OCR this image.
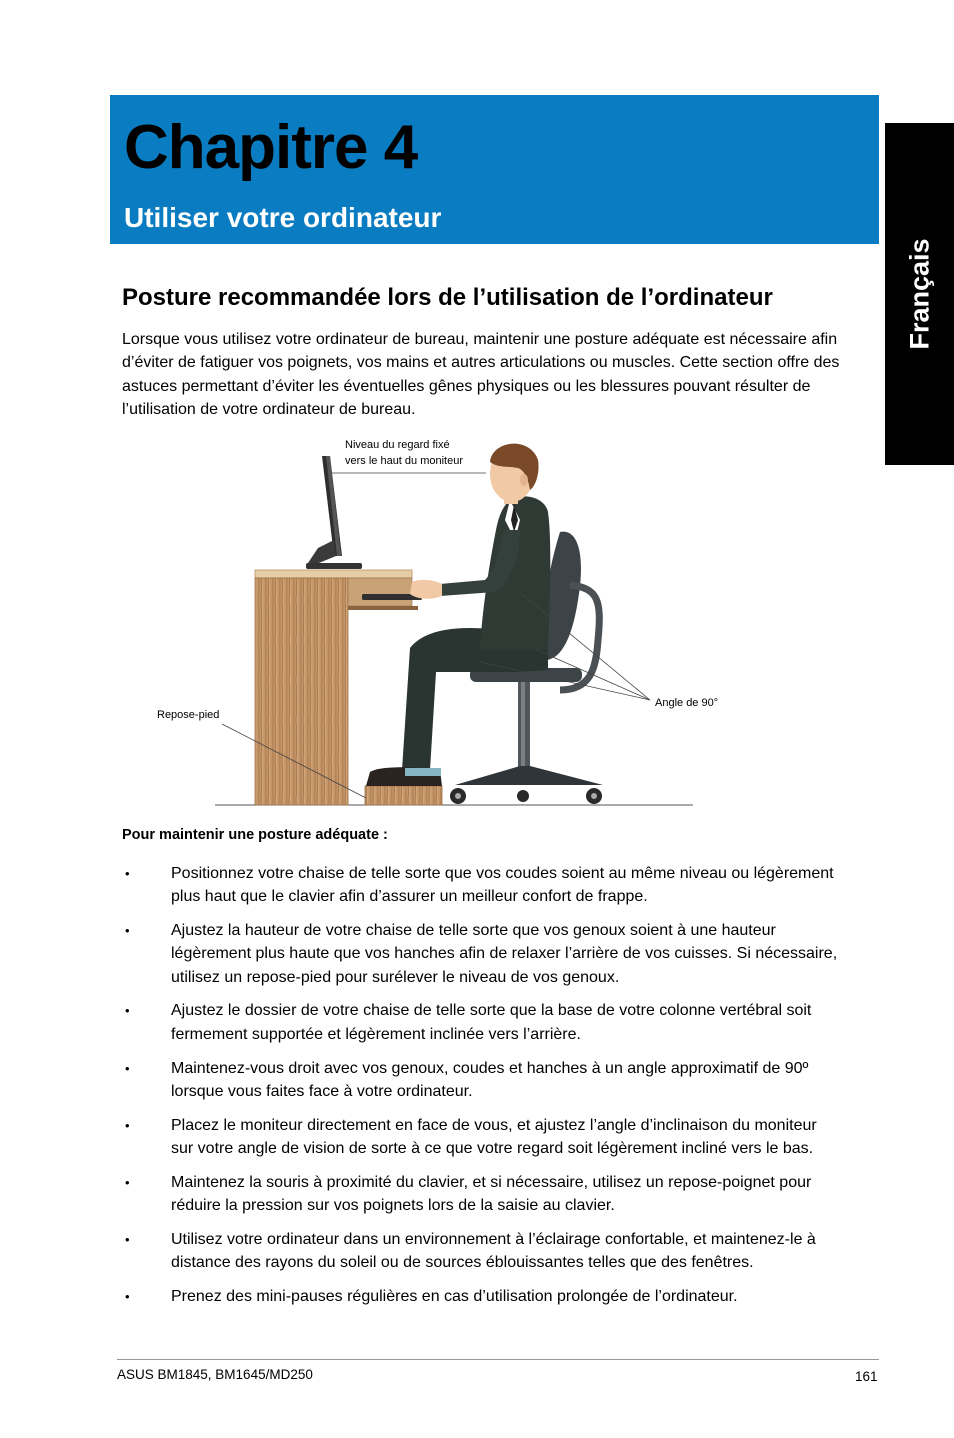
Chapitre 4
Utiliser votre ordinateur
Français
Posture recommandée lors de l’utilisation de l’ordinateur

Lorsque vous utilisez votre ordinateur de bureau, maintenir une posture adéquate est nécessaire afin d’éviter de fatiguer vos poignets, vos mains et autres articulations ou muscles. Cette section offre des astuces permettant d’éviter les éventuelles gênes physiques ou les blessures pouvant résulter de l’utilisation de votre ordinateur de bureau.

Niveau du regard fixé
vers le haut du moniteur
Angle de 90°
Repose-pied

Pour maintenir une posture adéquate :

•	Positionnez votre chaise de telle sorte que vos coudes soient au même niveau ou légèrement plus haut que le clavier afin d’assurer un meilleur confort de frappe.
•	Ajustez la hauteur de votre chaise de telle sorte que vos genoux soient à une hauteur légèrement plus haute que vos hanches afin de relaxer l’arrière de vos cuisses. Si nécessaire, utilisez un repose-pied pour surélever le niveau de vos genoux.
•	Ajustez le dossier de votre chaise de telle sorte que la base de votre colonne vertébral soit fermement supportée et légèrement inclinée vers l’arrière.
•	Maintenez-vous droit avec vos genoux, coudes et hanches à un angle approximatif de 90º lorsque vous faites face à votre ordinateur.
•	Placez le moniteur directement en face de vous, et ajustez l’angle d’inclinaison du moniteur sur votre angle de vision de sorte à ce que votre regard soit légèrement incliné vers le bas.
•	Maintenez la souris à proximité du clavier, et si nécessaire, utilisez un repose-poignet pour réduire la pression sur vos poignets lors de la saisie au clavier.
•	Utilisez votre ordinateur dans un environnement à l’éclairage confortable, et maintenez-le à distance des rayons du soleil ou de sources éblouissantes telles que des fenêtres.
•	Prenez des mini-pauses régulières en cas d’utilisation prolongée de l’ordinateur.
ASUS BM1845, BM1645/MD250	161
